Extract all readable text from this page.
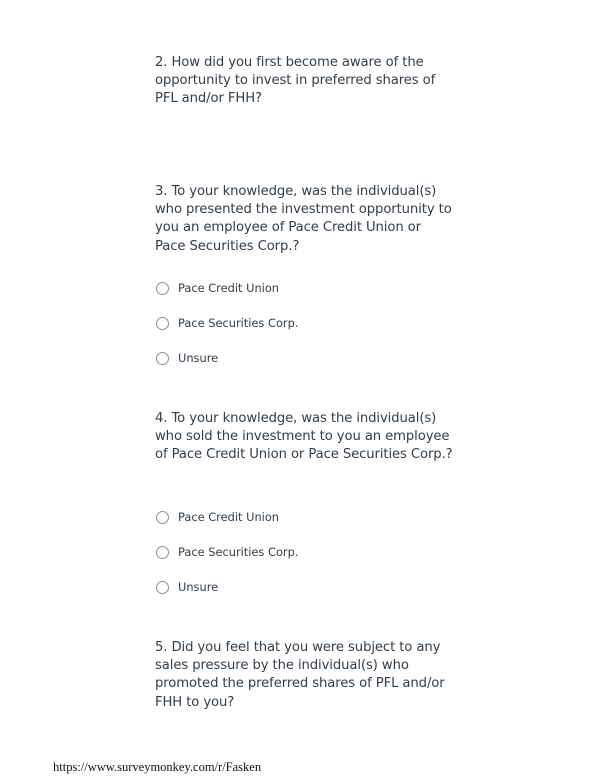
2. How did you first become aware of the opportunity to invest in preferred shares of PFL and/or FHH?
3. To your knowledge, was the individual(s) who presented the investment opportunity to you an employee of Pace Credit Union or Pace Securities Corp.?
Pace Credit Union
Pace Securities Corp.
Unsure
4. To your knowledge, was the individual(s) who sold the investment to you an employee of Pace Credit Union or Pace Securities Corp.?
Pace Credit Union
Pace Securities Corp.
Unsure
5. Did you feel that you were subject to any sales pressure by the individual(s) who promoted the preferred shares of PFL and/or FHH to you?
https://www.surveymonkey.com/r/Fasken
